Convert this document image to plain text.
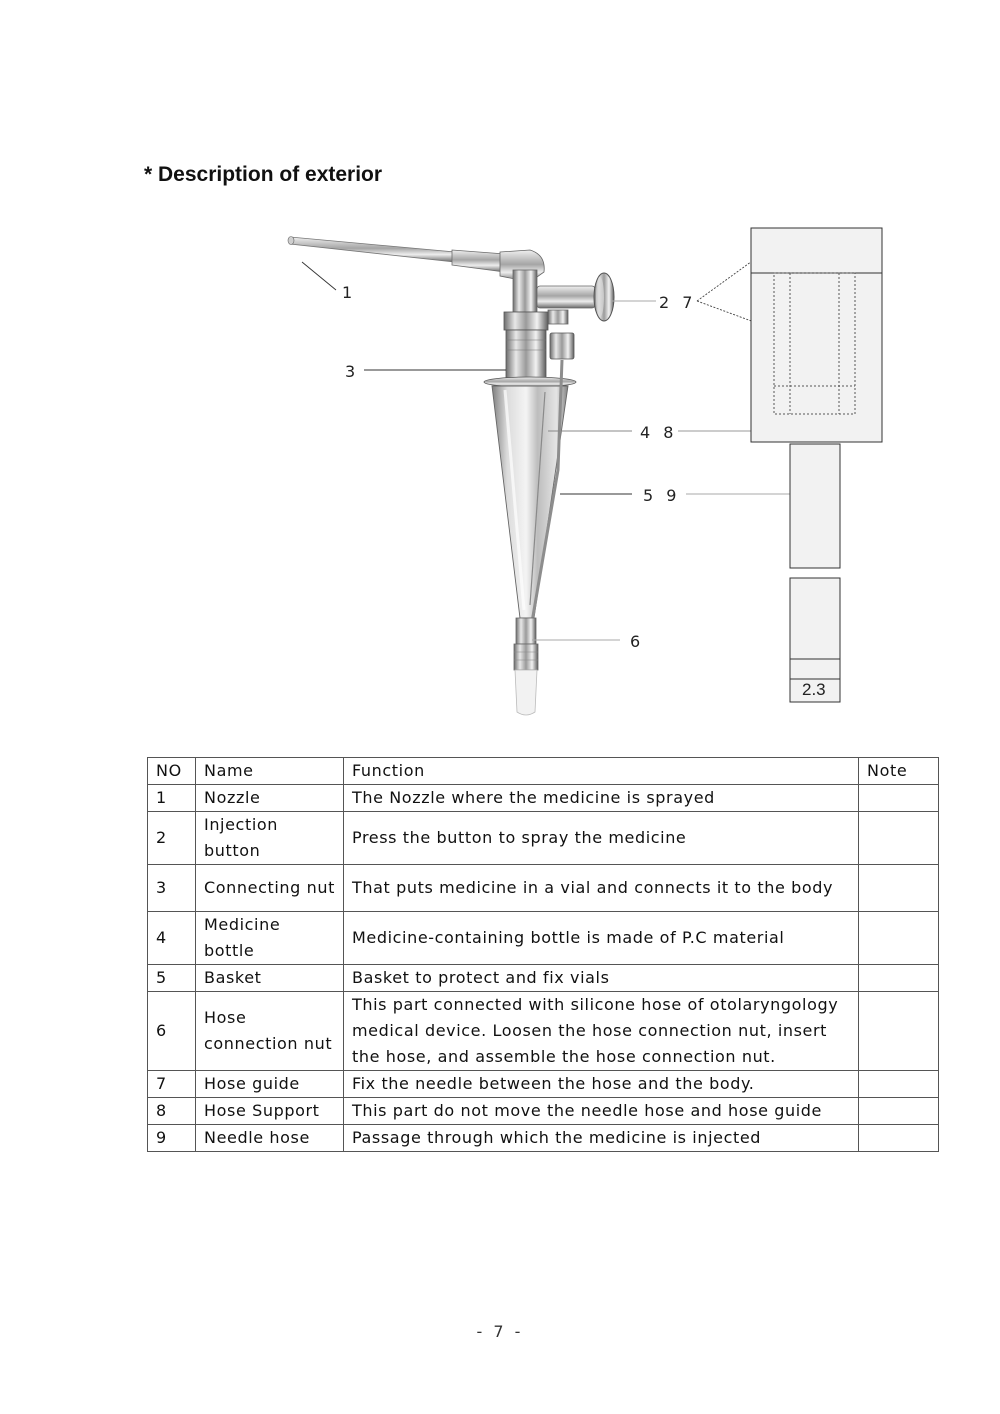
* Description of exterior
1
2 7
3
4 8
5 9
6
2.3
NO	Name	Function	Note
1	Nozzle	The Nozzle where the medicine is sprayed	
2	Injection button	Press the button to spray the medicine	
3	Connecting nut	That puts medicine in a vial and connects it to the body	
4	Medicine bottle	Medicine-containing bottle is made of P.C material	
5	Basket	Basket to protect and fix vials	
6	Hose connection nut	This part connected with silicone hose of otolaryngology medical device. Loosen the hose connection nut, insert the hose, and assemble the hose connection nut.	
7	Hose guide	Fix the needle between the hose and the body.	
8	Hose Support	This part do not move the needle hose and hose guide	
9	Needle hose	Passage through which the medicine is injected	
- 7 -
